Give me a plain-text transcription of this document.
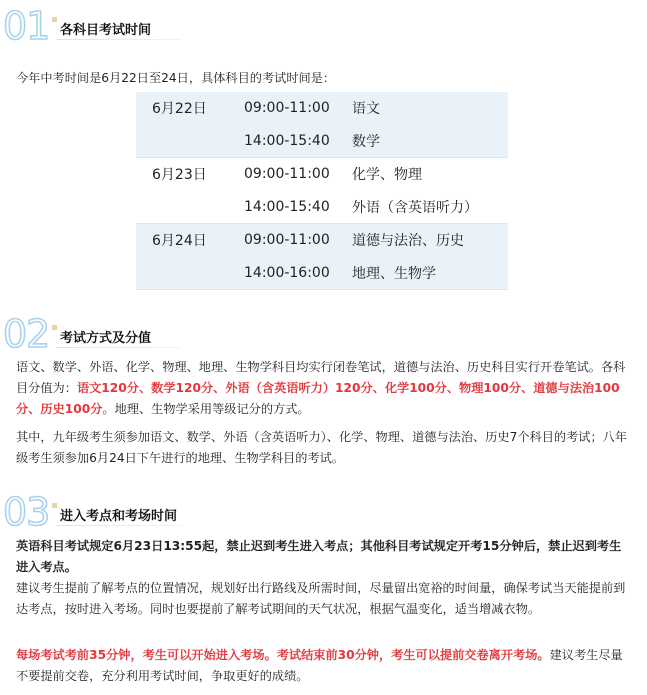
01 各科目考试时间

今年中考时间是6月22日至24日，具体科目的考试时间是：

6月22日	09:00-11:00	语文
	14:00-15:40	数学
6月23日	09:00-11:00	化学、物理
	14:00-15:40	外语（含英语听力）
6月24日	09:00-11:00	道德与法治、历史
	14:00-16:00	地理、生物学
02 考试方式及分值

语文、数学、外语、化学、物理、地理、生物学科目均实行闭卷笔试，道德与法治、历史科目实行开卷笔试。各科目分值为：语文120分、数学120分、外语（含英语听力）120分、化学100分、物理100分、道德与法治100分、历史100分。地理、生物学采用等级记分的方式。

其中，九年级考生须参加语文、数学、外语（含英语听力）、化学、物理、道德与法治、历史7个科目的考试；八年级考生须参加6月24日下午进行的地理、生物学科目的考试。

03 进入考点和考场时间

英语科目考试规定6月23日13:55起，禁止迟到考生进入考点；其他科目考试规定开考15分钟后，禁止迟到考生进入考点。

建议考生提前了解考点的位置情况，规划好出行路线及所需时间，尽量留出宽裕的时间量，确保考试当天能提前到达考点，按时进入考场。同时也要提前了解考试期间的天气状况，根据气温变化，适当增减衣物。

每场考试考前35分钟，考生可以开始进入考场。考试结束前30分钟，考生可以提前交卷离开考场。建议考生尽量不要提前交卷，充分利用考试时间，争取更好的成绩。
